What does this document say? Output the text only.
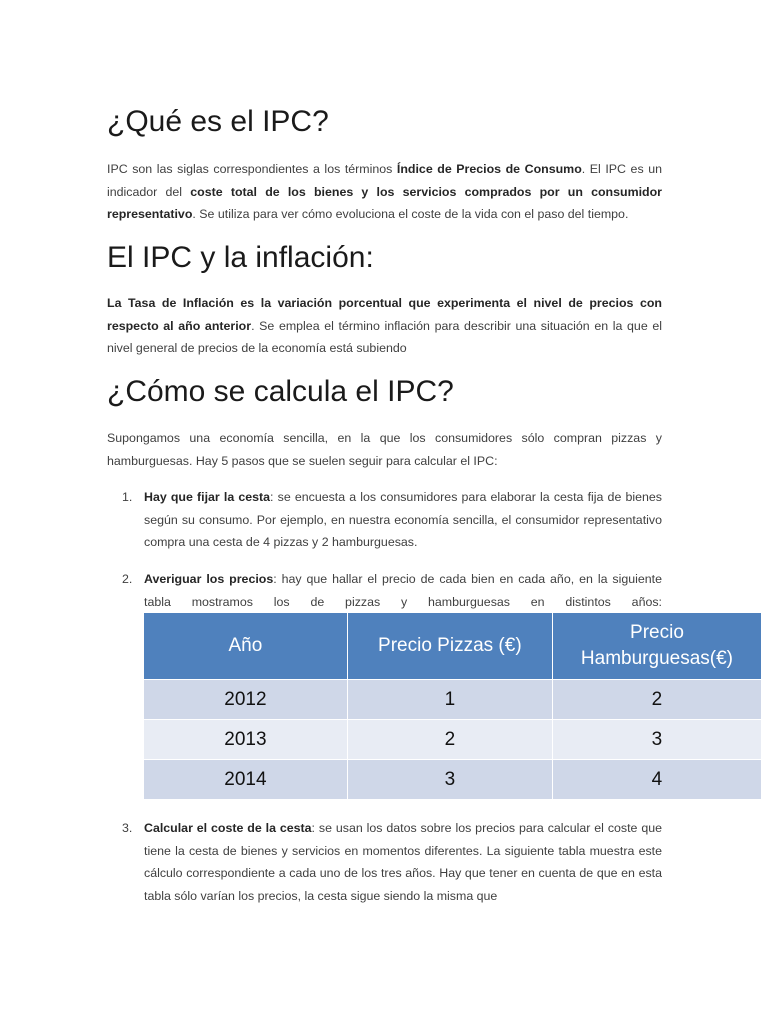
¿Qué es el IPC?

IPC son las siglas correspondientes a los términos Índice de Precios de Consumo. El IPC es un indicador del coste total de los bienes y los servicios comprados por un consumidor representativo. Se utiliza para ver cómo evoluciona el coste de la vida con el paso del tiempo.

El IPC y la inflación:

La Tasa de Inflación es la variación porcentual que experimenta el nivel de precios con respecto al año anterior. Se emplea el término inflación para describir una situación en la que el nivel general de precios de la economía está subiendo

¿Cómo se calcula el IPC?

Supongamos una economía sencilla, en la que los consumidores sólo compran pizzas y hamburguesas. Hay 5 pasos que se suelen seguir para calcular el IPC:

1. Hay que fijar la cesta: se encuesta a los consumidores para elaborar la cesta fija de bienes según su consumo. Por ejemplo, en nuestra economía sencilla, el consumidor representativo compra una cesta de 4 pizzas y 2 hamburguesas.
2. Averiguar los precios: hay que hallar el precio de cada bien en cada año, en la siguiente tabla mostramos los de pizzas y hamburguesas en distintos años:
3. Calcular el coste de la cesta: se usan los datos sobre los precios para calcular el coste que tiene la cesta de bienes y servicios en momentos diferentes. La siguiente tabla muestra este cálculo correspondiente a cada uno de los tres años. Hay que tener en cuenta de que en esta tabla sólo varían los precios, la cesta sigue siendo la misma que
Año	Precio Pizzas (€)	Precio Hamburguesas(€)
2012	1	2
2013	2	3
2014	3	4
